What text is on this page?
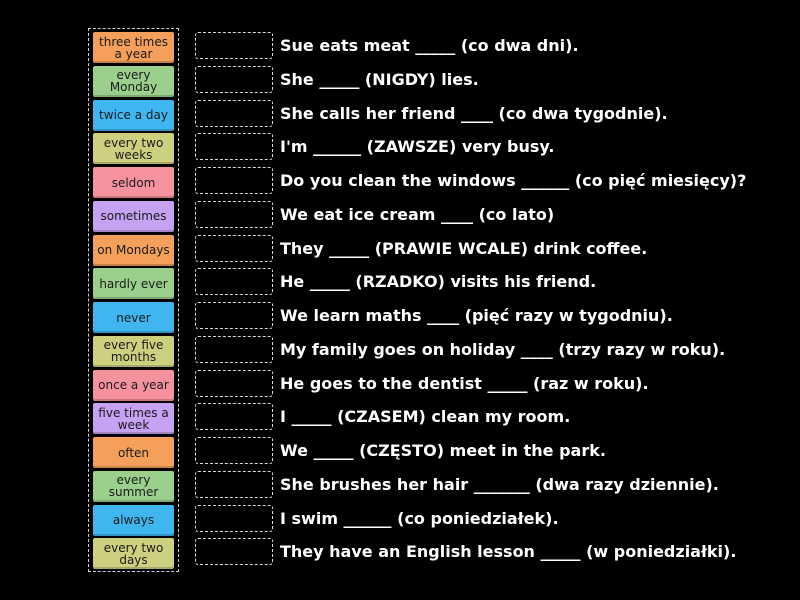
three times a year
every Monday
twice a day
every two weeks
seldom
sometimes
on Mondays
hardly ever
never
every five months
once a year
five times a week
often
every summer
always
every two days
Sue eats meat _____ (co dwa dni).
She _____ (NIGDY) lies.
She calls her friend ____ (co dwa tygodnie).
I'm ______ (ZAWSZE) very busy.
Do you clean the windows ______ (co pięć miesięcy)?
We eat ice cream ____ (co lato)
They _____ (PRAWIE WCALE) drink coffee.
He _____ (RZADKO) visits his friend.
We learn maths ____ (pięć razy w tygodniu).
My family goes on holiday ____ (trzy razy w roku).
He goes to the dentist _____ (raz w roku).
I _____ (CZASEM) clean my room.
We _____ (CZĘSTO) meet in the park.
She brushes her hair _______ (dwa razy dziennie).
I swim ______ (co poniedziałek).
They have an English lesson _____ (w poniedziałki).
